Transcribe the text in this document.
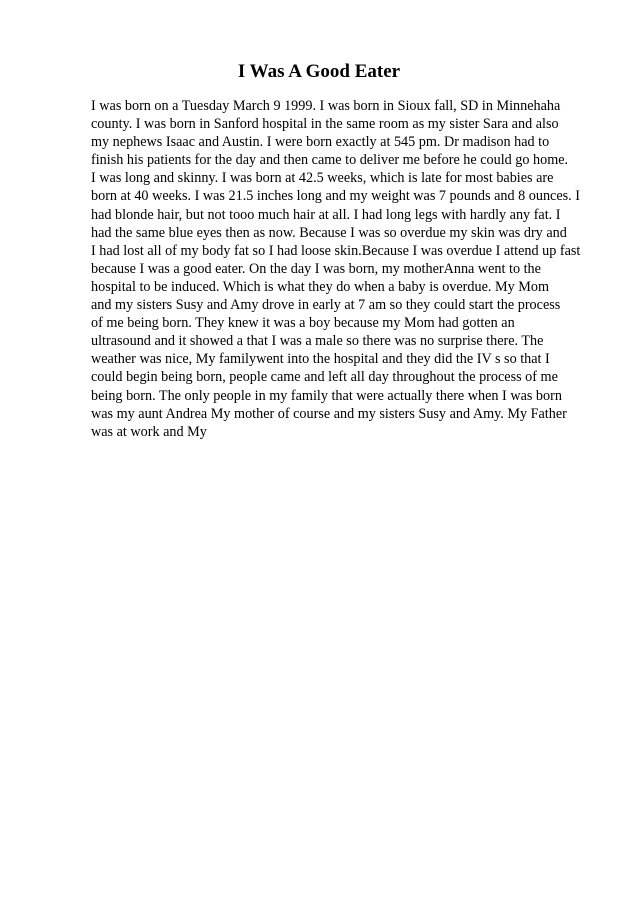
I Was A Good Eater
I was born on a Tuesday March 9 1999. I was born in Sioux fall, SD in Minnehaha
county. I was born in Sanford hospital in the same room as my sister Sara and also
my nephews Isaac and Austin. I were born exactly at 545 pm. Dr madison had to
finish his patients for the day and then came to deliver me before he could go home.
I was long and skinny. I was born at 42.5 weeks, which is late for most babies are
born at 40 weeks. I was 21.5 inches long and my weight was 7 pounds and 8 ounces. I
had blonde hair, but not tooo much hair at all. I had long legs with hardly any fat. I
had the same blue eyes then as now. Because I was so overdue my skin was dry and
I had lost all of my body fat so I had loose skin.Because I was overdue I attend up fast
because I was a good eater. On the day I was born, my motherAnna went to the
hospital to be induced. Which is what they do when a baby is overdue. My Mom
and my sisters Susy and Amy drove in early at 7 am so they could start the process
of me being born. They knew it was a boy because my Mom had gotten an
ultrasound and it showed a that I was a male so there was no surprise there. The
weather was nice, My familywent into the hospital and they did the IV s so that I
could begin being born, people came and left all day throughout the process of me
being born. The only people in my family that were actually there when I was born
was my aunt Andrea My mother of course and my sisters Susy and Amy. My Father
was at work and My
